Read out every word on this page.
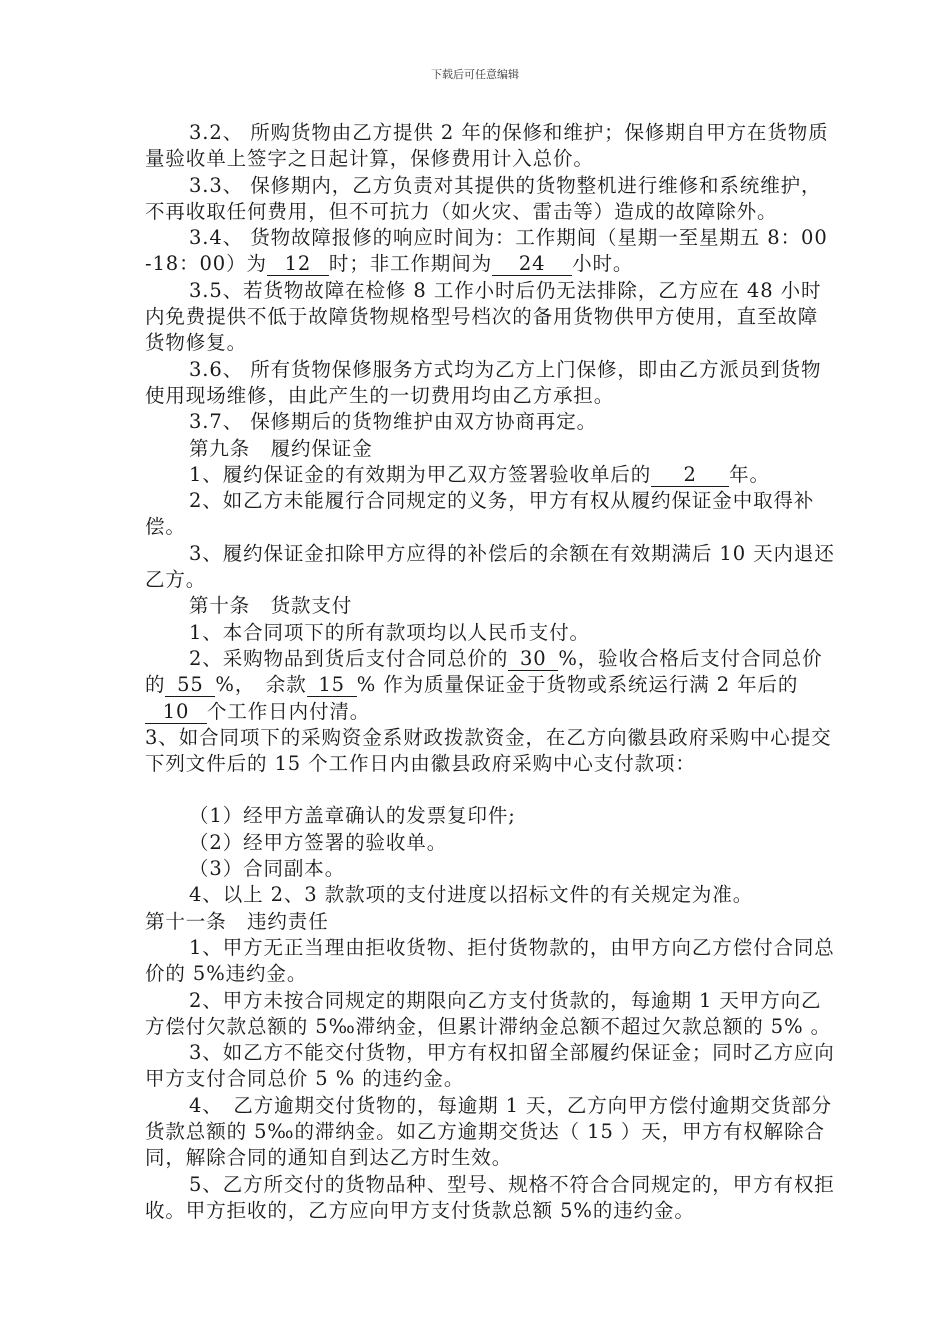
下载后可任意编辑

3.2、 所购货物由乙方提供 2 年的保修和维护；保修期自甲方在货物质量验收单上签字之日起计算，保修费用计入总价。

3.3、 保修期内，乙方负责对其提供的货物整机进行维修和系统维护，不再收取任何费用，但不可抗力（如火灾、雷击等）造成的故障除外。

3.4、 货物故障报修的响应时间为：工作期间（星期一至星期五 8：00-18：00）为 12 时；非工作期间为 24 小时。

3.5、若货物故障在检修 8 工作小时后仍无法排除，乙方应在 48 小时内免费提供不低于故障货物规格型号档次的备用货物供甲方使用，直至故障货物修复。

3.6、 所有货物保修服务方式均为乙方上门保修，即由乙方派员到货物使用现场维修，由此产生的一切费用均由乙方承担。

3.7、 保修期后的货物维护由双方协商再定。

第九条　履约保证金

1、履约保证金的有效期为甲乙双方签署验收单后的 2 年。

2、如乙方未能履行合同规定的义务，甲方有权从履约保证金中取得补偿。

3、履约保证金扣除甲方应得的补偿后的余额在有效期满后 10 天内退还乙方。

第十条　货款支付

1、本合同项下的所有款项均以人民币支付。

2、采购物品到货后支付合同总价的 30 %，验收合格后支付合同总价的 55 %，　余款 15 % 作为质量保证金于货物或系统运行满 2 年后的10 个工作日内付清。

3、如合同项下的采购资金系财政拨款资金，在乙方向徽县政府采购中心提交下列文件后的 15 个工作日内由徽县政府采购中心支付款项：

（1）经甲方盖章确认的发票复印件;

（2）经甲方签署的验收单。

（3）合同副本。

4、以上 2、3 款款项的支付进度以招标文件的有关规定为准。

第十一条　违约责任

1、甲方无正当理由拒收货物、拒付货物款的，由甲方向乙方偿付合同总价的 5%违约金。

2、甲方未按合同规定的期限向乙方支付货款的，每逾期 1 天甲方向乙方偿付欠款总额的 5‰滞纳金，但累计滞纳金总额不超过欠款总额的 5% 。

3、如乙方不能交付货物，甲方有权扣留全部履约保证金；同时乙方应向甲方支付合同总价 5 % 的违约金。

4、　乙方逾期交付货物的，每逾期 1 天，乙方向甲方偿付逾期交货部分货款总额的 5‰的滞纳金。如乙方逾期交货达（ 15 ）天，甲方有权解除合同，解除合同的通知自到达乙方时生效。

5、乙方所交付的货物品种、型号、规格不符合合同规定的，甲方有权拒收。甲方拒收的，乙方应向甲方支付货款总额 5%的违约金。
